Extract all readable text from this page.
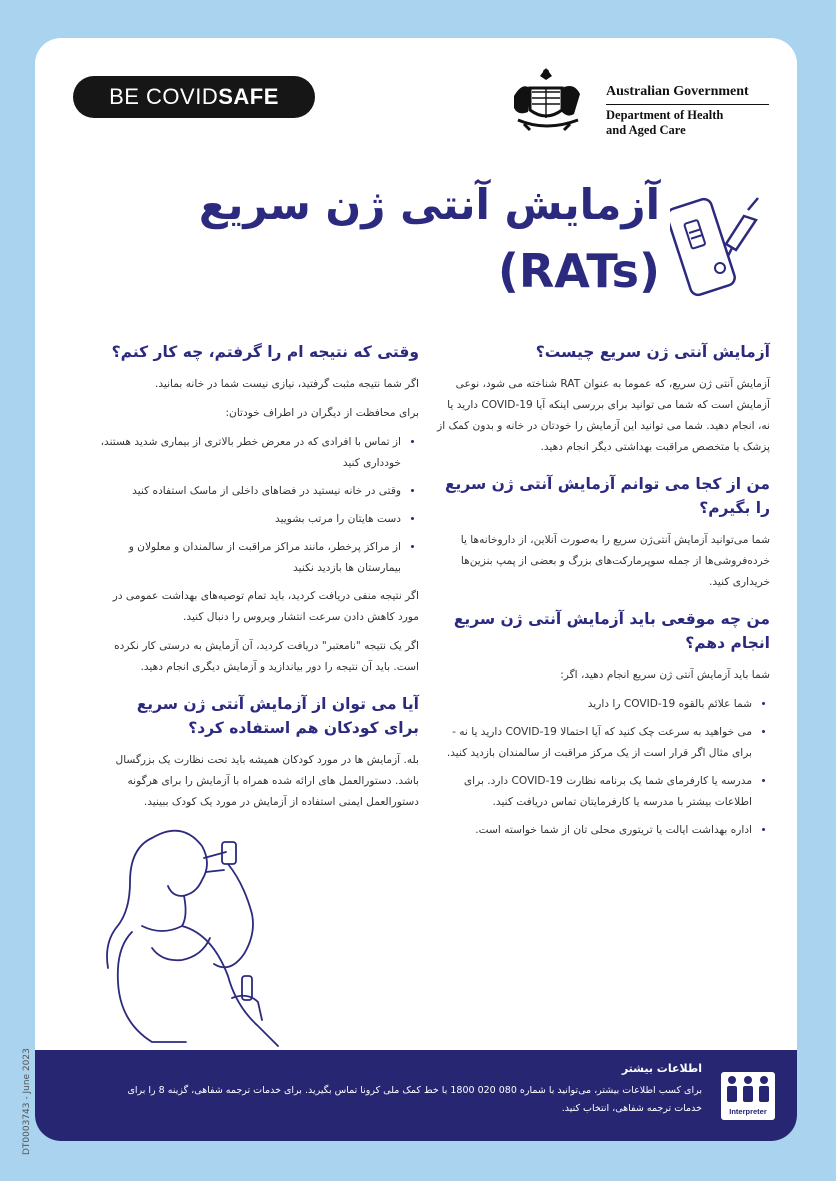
BE COVIDSAFE	Australian Government
Department of Health
and Aged Care
آزمایش آنتی ژن سریع
(RATs)
آزمایش آنتی ژن سریع چیست؟

آزمایش آنتی ژن سریع، که عموما به عنوان RAT شناخته می شود، نوعی آزمایش است که شما می توانید برای بررسی اینکه آیا COVID-19 دارید یا نه، انجام دهید. شما می توانید این آزمایش را خودتان در خانه و بدون کمک از پزشک یا متخصص مراقبت بهداشتی دیگر انجام دهید.

من از کجا می توانم آزمایش آنتی ژن سریع را بگیرم؟

شما می‌توانید آزمایش آنتی‌ژن سریع را به‌صورت آنلاین، از داروخانه‌ها یا خرده‌فروشی‌ها از جمله سوپرمارکت‌های بزرگ و بعضی از پمپ بنزین‌ها خریداری کنید.

من چه موقعی باید آزمایش آنتی ژن سریع انجام دهم؟

شما باید آزمایش آنتی ژن سریع انجام دهید، اگر:

• شما علائم بالقوه COVID-19 را دارید
• می خواهید به سرعت چک کنید که آیا احتمالا COVID-19 دارید یا نه - برای مثال اگر قرار است از یک مرکز مراقبت از سالمندان بازدید کنید.
• مدرسه یا کارفرمای شما یک برنامه نظارت COVID-19 دارد. برای اطلاعات بیشتر با مدرسه یا کارفرمایتان تماس دریافت کنید.
• اداره بهداشت ایالت یا تریتوری محلی تان از شما خواسته است.
وقتی که نتیجه ام را گرفتم، چه کار کنم؟

اگر شما نتیجه مثبت گرفتید، نیازی نیست شما در خانه بمانید.

برای محافظت از دیگران در اطراف خودتان:

• از تماس با افرادی که در معرض خطر بالاتری از بیماری شدید هستند، خودداری کنید
• وقتی در خانه نیستید در فضاهای داخلی از ماسک استفاده کنید
• دست هایتان را مرتب بشویید
• از مراکز پرخطر، مانند مراکز مراقبت از سالمندان و معلولان و بیمارستان ها بازدید نکنید

اگر نتیجه منفی دریافت کردید، باید تمام توصیه‌های بهداشت عمومی در مورد کاهش دادن سرعت انتشار ویروس را دنبال کنید.

اگر یک نتیجه "نامعتبر" دریافت کردید، آن آزمایش به درستی کار نکرده است. باید آن نتیجه را دور بیاندازید و آزمایش دیگری انجام دهید.

آیا می توان از آزمایش آنتی ژن سریع برای کودکان هم استفاده کرد؟

بله. آزمایش ها در مورد کودکان همیشه باید تحت نظارت یک بزرگسال باشد. دستورالعمل های ارائه شده همراه با آزمایش را برای هرگونه دستورالعمل ایمنی استفاده از آزمایش در مورد یک کودک ببینید.

اطلاعات بیشتر
برای کسب اطلاعات بیشتر، می‌توانید با شماره 080 020 1800 با خط کمک ملی کرونا تماس بگیرید. برای خدمات ترجمه شفاهی، گزینه 8 را برای خدمات ترجمه شفاهی، انتخاب کنید.	Interpreter
DT0003743 - June 2023
